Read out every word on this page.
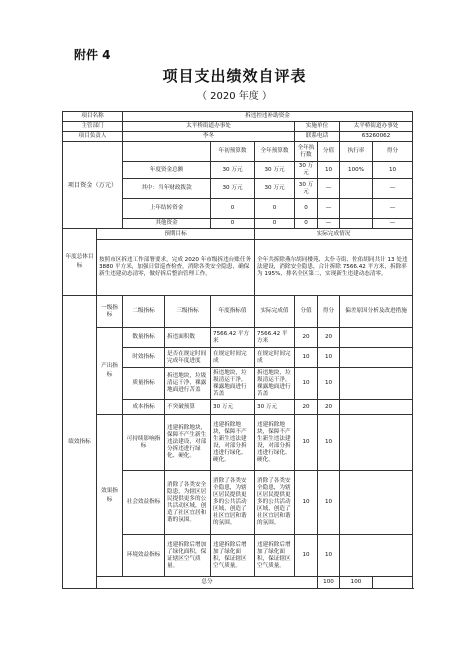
附件 4
项目支出绩效自评表
（ 2020 年度 ）
项目名称		拆违控违补助资金							
主管部门		太平桥街道办事处				实施单位		太平桥街道办事处	
项目负责人		李冬				联系电话		63260062	
项目资金（万元）				年初预算数	全年预算数	全年执行数	分值	执行率	得分
		年度资金总额		30 万元	30 万元	30 万元	10	100%	10
		其中：当年财政拨款		30 万元	30 万元	30 万元	—		—
		上年结转资金		0	0	0	—		—
		其他资金		0	0	0	—		—
年度总体目标	预期目标				实际完成情况				
	按照市区拆违工作部署要求，完成 2020 年市级拆违台账任务 3880 平方米，加强日常巡查检查，消除各类安全隐患，确保新生违建动态清零，做好拆后整治管理工作。				全年共拆除燕尔胡同楼苑、太仆寺街、佐佑胡同共计 13 处违法建设，消除安全隐患，合计拆除 7566.42 平方米，拆除率为 195%，排名全区第二，实现新生违建动态清零。				
绩效指标	一级指标	二级指标	三级指标	年度指标值	实际完成值	分值	得分	偏差原因分析及改进措施	
	产出指标	数量指标	拆违面积数	7566.42 平方米	7566.42 平方米	20	20		
		时效指标	是否在规定时间完成年度进度	在规定时间完成	在规定时间完成	10	10		
		质量指标	拆违地块，垃圾清运干净，裸露地面进行苫盖	拆违地块，垃圾清运干净，裸露地面进行苫盖	拆违地块，垃圾清运干净，裸露地面进行苫盖	10	10		
		成本指标	不突破预算	30 万元	30 万元	20	20		
	效果指标	可持续影响指标	违建拆除地块，保障不产生新生违法建设，对部分拆违进行绿化、硬化。	违建拆除地块，保障不产生新生违法建设，对部分拆违进行绿化、硬化。	违建拆除地块，保障不产生新生违法建设，对部分拆违进行绿化、硬化。	10	10		
		社会效益指标	消除了各类安全隐患，为辖区居民提供更多的公共活动区域，创造了社区宜居和谐的氛围。	消除了各类安全隐患，为辖区居民提供更多的公共活动区域，创造了社区宜居和谐的氛围。	消除了各类安全隐患，为辖区居民提供更多的公共活动区域，创造了社区宜居和谐的氛围。	10	10		
		环境效益指标	违建拆除后增加了绿化面积，保证辖区空气质量。	违建拆除后增加了绿化面积，保证辖区空气质量。	违建拆除后增加了绿化面积，保证辖区空气质量。	10	10		
	总分						100	100	
